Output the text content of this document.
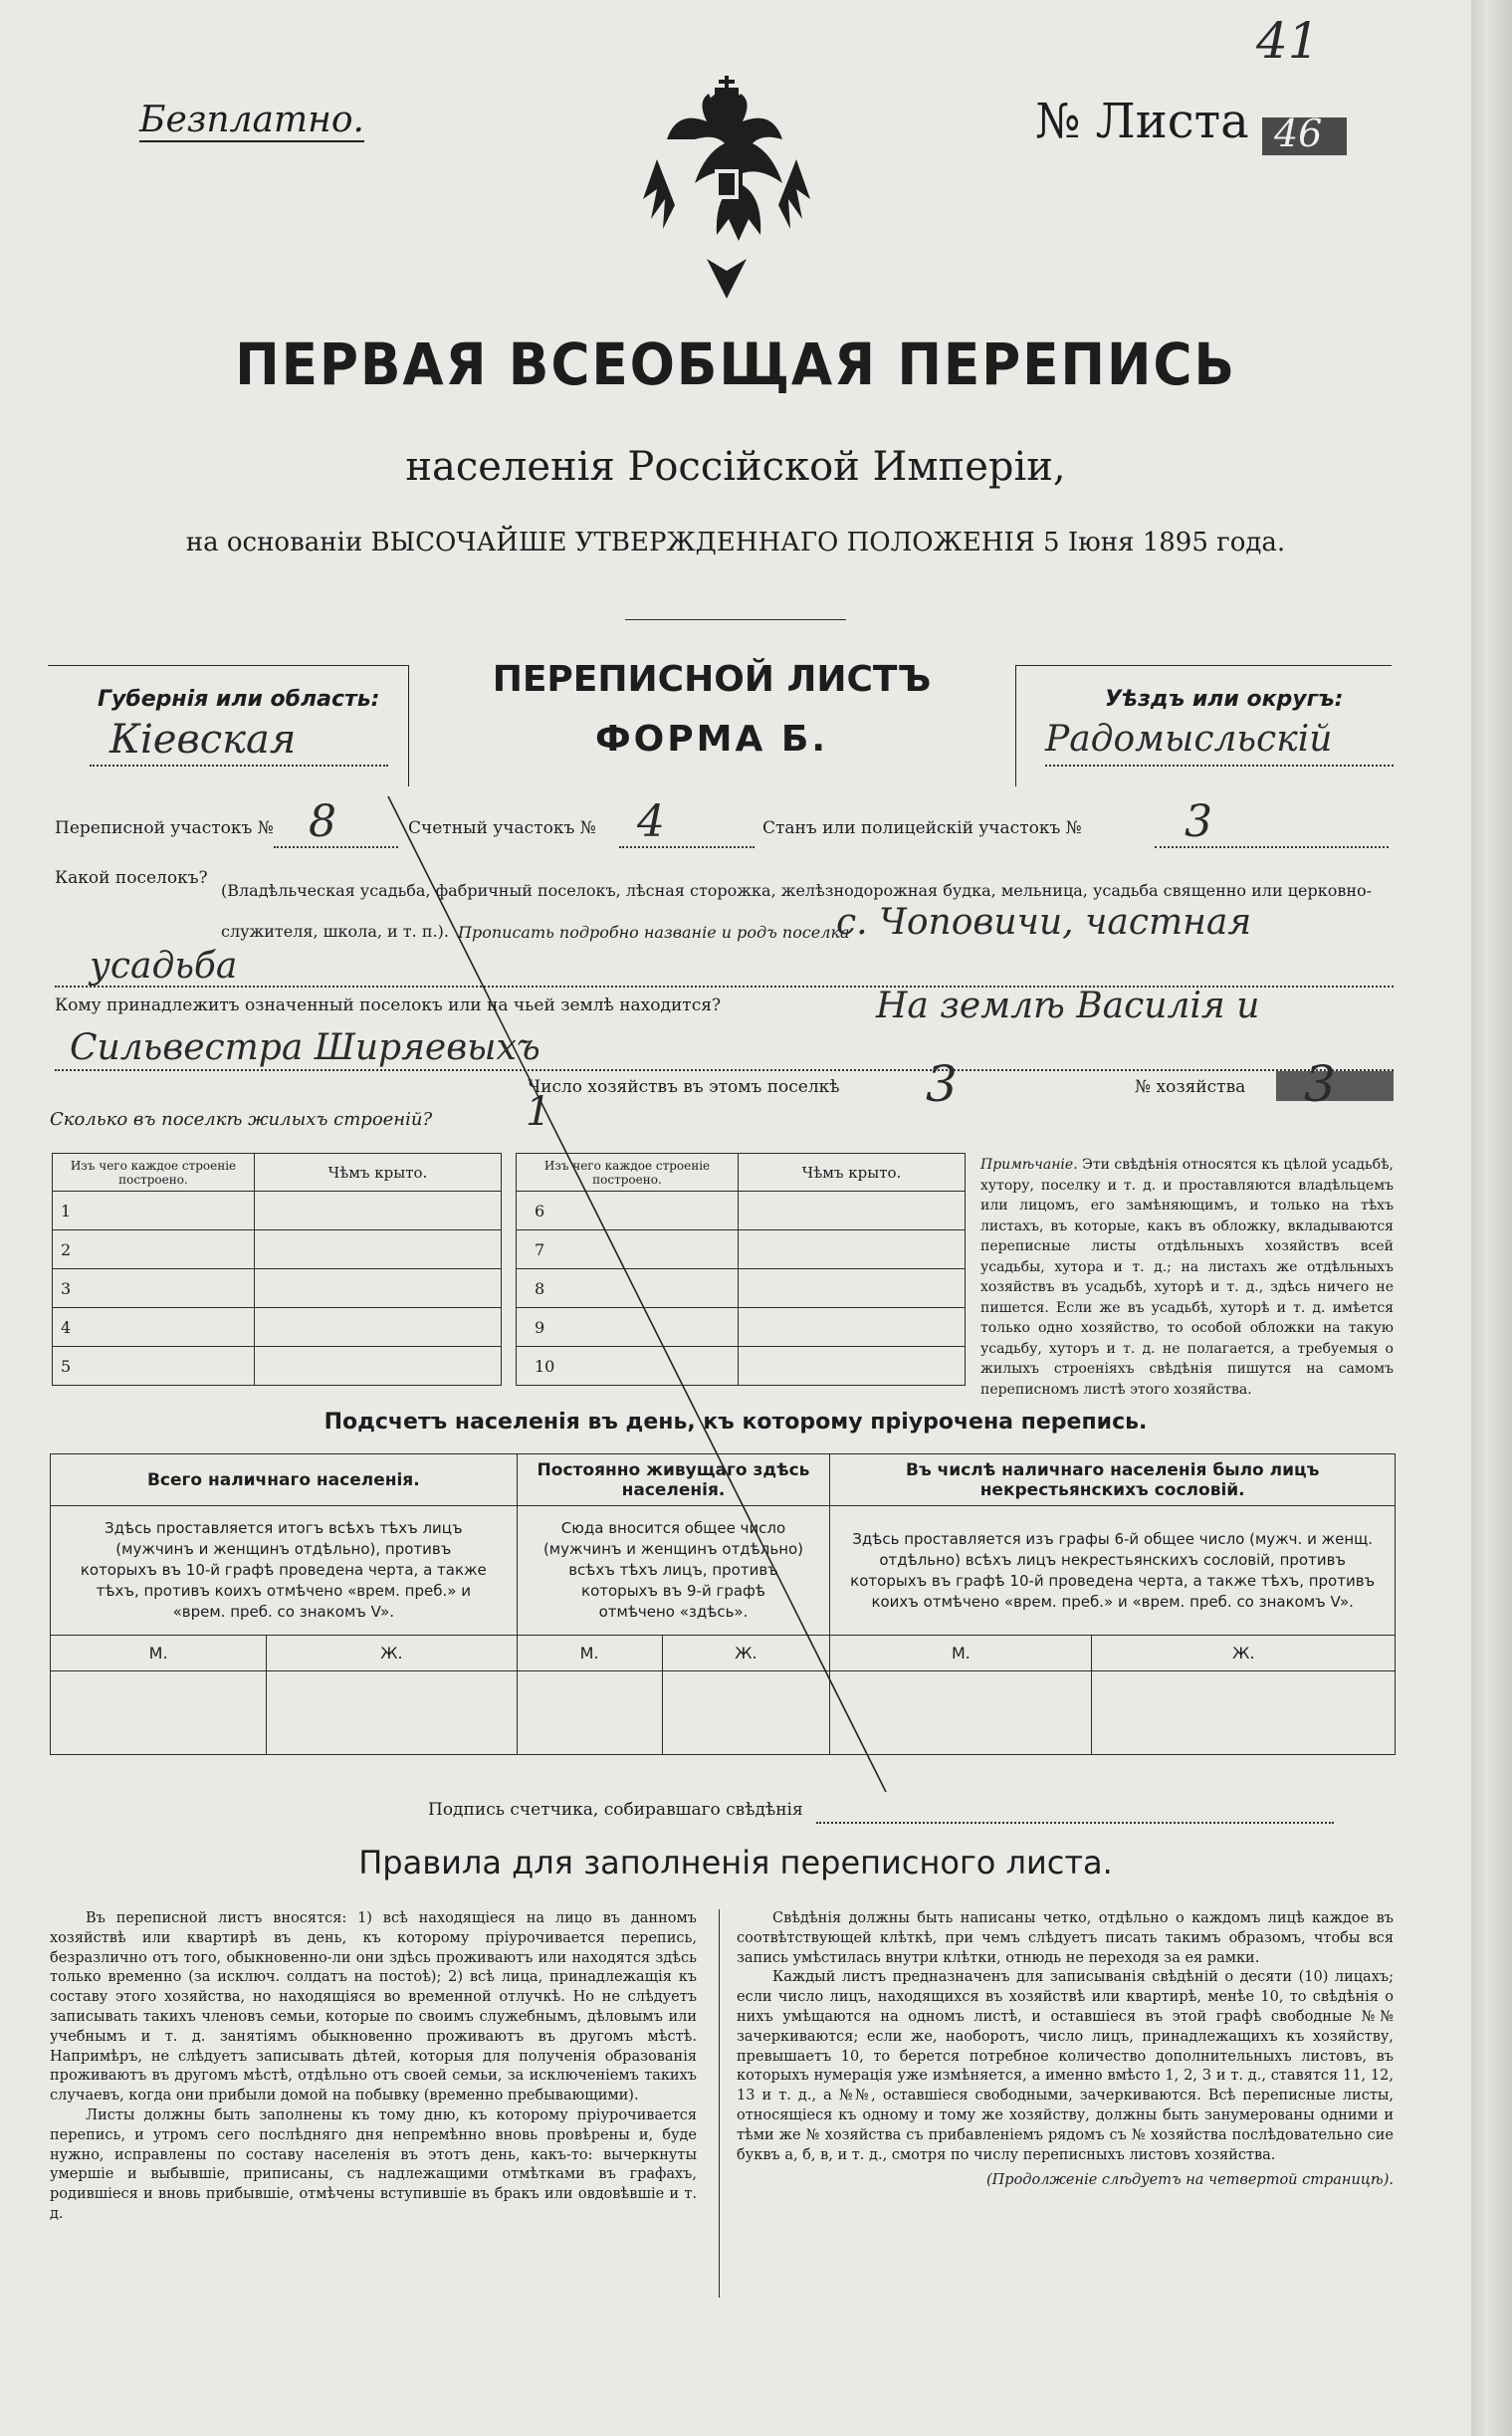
41
Безплатно.	№ Листа 46
ПЕРВАЯ ВСЕОБЩАЯ ПЕРЕПИСЬ
населенія Россійской Имперіи,
на основаніи ВЫСОЧАЙШЕ УТВЕРЖДЕННАГО ПОЛОЖЕНІЯ 5 Іюня 1895 года.
Губернія или область:
Кіевская
ПЕРЕПИСНОЙ ЛИСТЪ
ФОРМА Б.
Уѣздъ или округъ:
Радомысльскій
Переписной участокъ № 8	Счетный участокъ № 4	Станъ или полицейскій участокъ № 3
Какой поселокъ?
(Владѣльческая усадьба, фабричный поселокъ, лѣсная сторожка, желѣзнодорожная будка, мельница, усадьба священно или церковно-служителя, школа, и т. п.). Прописать подробно названіе и родъ поселка
с. Чоповичи, частная
усадьба
Кому принадлежитъ означенный поселокъ или на чьей землѣ находится?	На землѣ Василія и
Сильвестра Ширяевыхъ
Число хозяйствъ въ этомъ поселкѣ 3	№ хозяйства 3
Сколько въ поселкѣ жилыхъ строеній? 1
Изъ чего каждое строеніе построено.	Чѣмъ крыто.
1	
2	
3	
4	
5	
Изъ чего каждое строеніе построено.	Чѣмъ крыто.
6	
7	
8	
9	
10	
Примѣчаніе. Эти свѣдѣнія относятся къ цѣлой усадьбѣ, хутору, поселку и т. д. и проставляются владѣльцемъ или лицомъ, его замѣняющимъ, и только на тѣхъ листахъ, въ которые, какъ въ обложку, вкладываются переписные листы отдѣльныхъ хозяйствъ всей усадьбы, хутора и т. д.; на листахъ же отдѣльныхъ хозяйствъ въ усадьбѣ, хуторѣ и т. д., здѣсь ничего не пишется. Если же въ усадьбѣ, хуторѣ и т. д. имѣется только одно хозяйство, то особой обложки на такую усадьбу, хуторъ и т. д. не полагается, а требуемыя о жилыхъ строеніяхъ свѣдѣнія пишутся на самомъ переписномъ листѣ этого хозяйства.
Подсчетъ населенія въ день, къ которому пріурочена перепись.
Всего наличнаго населенія.		Постоянно живущаго здѣсь населенія.		Въ числѣ наличнаго населенія было лицъ некрестьянскихъ сословій.	
Здѣсь проставляется итогъ всѣхъ тѣхъ лицъ (мужчинъ и женщинъ отдѣльно), противъ которыхъ въ 10-й графѣ проведена черта, а также тѣхъ, противъ коихъ отмѣчено «врем. преб.» и «врем. преб. со знакомъ V».		Сюда вносится общее число (мужчинъ и женщинъ отдѣльно) всѣхъ тѣхъ лицъ, противъ которыхъ въ 9-й графѣ отмѣчено «здѣсь».		Здѣсь проставляется изъ графы 6-й общее число (мужч. и женщ. отдѣльно) всѣхъ лицъ некрестьянскихъ сословій, противъ которыхъ въ графѣ 10-й проведена черта, а также тѣхъ, противъ коихъ отмѣчено «врем. преб.» и «врем. преб. со знакомъ V».	
М.	Ж.	М.	Ж.	М.	Ж.

Подпись счетчика, собиравшаго свѣдѣнія
Правила для заполненія переписного листа.

Въ переписной листъ вносятся: 1) всѣ находящіеся на лицо въ данномъ хозяйствѣ или квартирѣ въ день, къ которому пріурочивается перепись, безразлично отъ того, обыкновенно-ли они здѣсь проживаютъ или находятся здѣсь только временно (за исключ. солдатъ на постоѣ); 2) всѣ лица, принадлежащія къ составу этого хозяйства, но находящіяся во временной отлучкѣ. Но не слѣдуетъ записывать такихъ членовъ семьи, которые по своимъ служебнымъ, дѣловымъ или учебнымъ и т. д. занятіямъ обыкновенно проживаютъ въ другомъ мѣстѣ. Напримѣръ, не слѣдуетъ записывать дѣтей, которыя для полученія образованія проживаютъ въ другомъ мѣстѣ, отдѣльно отъ своей семьи, за исключеніемъ такихъ случаевъ, когда они прибыли домой на побывку (временно пребывающими).

Листы должны быть заполнены къ тому дню, къ которому пріурочивается перепись, и утромъ сего послѣдняго дня непремѣнно вновь провѣрены и, буде нужно, исправлены по составу населенія въ этотъ день, какъ-то: вычеркнуты умершіе и выбывшіе, приписаны, съ надлежащими отмѣтками въ графахъ, родившіеся и вновь прибывшіе, отмѣчены вступившіе въ бракъ или овдовѣвшіе и т. д.

Свѣдѣнія должны быть написаны четко, отдѣльно о каждомъ лицѣ каждое въ соотвѣтствующей клѣткѣ, при чемъ слѣдуетъ писать такимъ образомъ, чтобы вся запись умѣстилась внутри клѣтки, отнюдь не переходя за ея рамки.

Каждый листъ предназначенъ для записыванія свѣдѣній о десяти (10) лицахъ; если число лицъ, находящихся въ хозяйствѣ или квартирѣ, менѣе 10, то свѣдѣнія о нихъ умѣщаются на одномъ листѣ, и оставшіеся въ этой графѣ свободные №№ зачеркиваются; если же, наоборотъ, число лицъ, принадлежащихъ къ хозяйству, превышаетъ 10, то берется потребное количество дополнительныхъ листовъ, въ которыхъ нумерація уже измѣняется, а именно вмѣсто 1, 2, 3 и т. д., ставятся 11, 12, 13 и т. д., а №№, оставшіеся свободными, зачеркиваются. Всѣ переписные листы, относящіеся къ одному и тому же хозяйству, должны быть занумерованы одними и тѣми же № хозяйства съ прибавленіемъ рядомъ съ № хозяйства послѣдовательно сие буквъ а, б, в, и т. д., смотря по числу переписныхъ листовъ хозяйства.

(Продолженіе слѣдуетъ на четвертой страницѣ).
